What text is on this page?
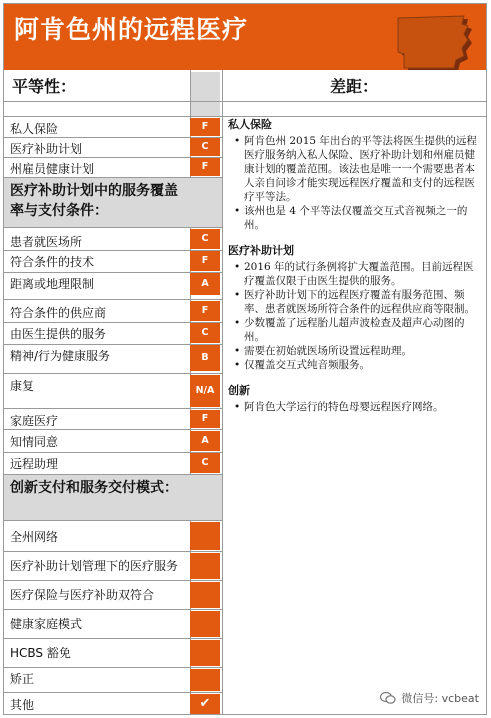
阿肯色州的远程医疗
平等性：	差距：
私人保险	F
医疗补助计划	C
州雇员健康计划	F
医疗补助计划中的服务覆盖率与支付条件：
患者就医场所	C
符合条件的技术	F
距离或地理限制	A
符合条件的供应商	F
由医生提供的服务	C
精神/行为健康服务	B
康复	N/A
家庭医疗	F
知情同意	A
远程助理	C
创新支付和服务交付模式：
全州网络
医疗补助计划管理下的医疗服务
医疗保险与医疗补助双符合
健康家庭模式
HCBS 豁免
矫正
其他	✔
私人保险
• 阿肯色州 2015 年出台的平等法将医生提供的远程医疗服务纳入私人保险、医疗补助计划和州雇员健康计划的覆盖范围。该法也是唯一一个需要患者本人亲自问诊才能实现远程医疗覆盖和支付的远程医疗平等法。
• 该州也是 4 个平等法仅覆盖交互式音视频之一的州。
医疗补助计划
• 2016 年的试行条例将扩大覆盖范围。目前远程医疗覆盖仅限于由医生提供的服务。
• 医疗补助计划下的远程医疗覆盖有服务范围、频率、患者就医场所符合条件的远程供应商等限制。
• 少数覆盖了远程胎儿超声波检查及超声心动图的州。
• 需要在初始就医场所设置远程助理。
• 仅覆盖交互式纯音频服务。
创新
• 阿肯色大学运行的特色母婴远程医疗网络。
微信号: vcbeat
